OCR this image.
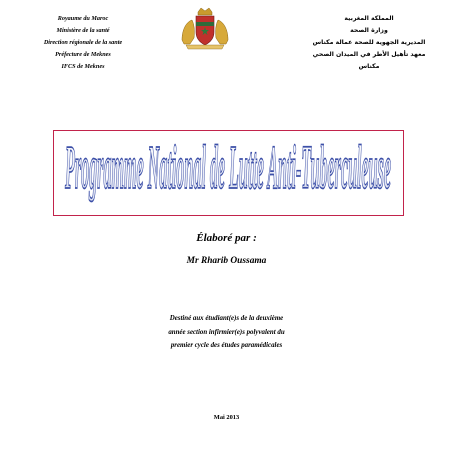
Royaume du Maroc
Ministère de la santé
Direction régionale de la sante
Préfecture de Meknes
IFCS de Meknes
المملكة المغربية
وزارة الصحة
المديرية الجهوية للصحة عمالة مكناس
معهد تأهيل الأطر في الميدان الصحي
مكناس
Programme National de Lutte Anti-Tuberculeuse
Élaboré par :
Mr Rharib Oussama
Destiné aux étudiant(e)s de la deuxième
année section infirmier(e)s polyvalent du
premier cycle des études paramédicales
Mai 2013
